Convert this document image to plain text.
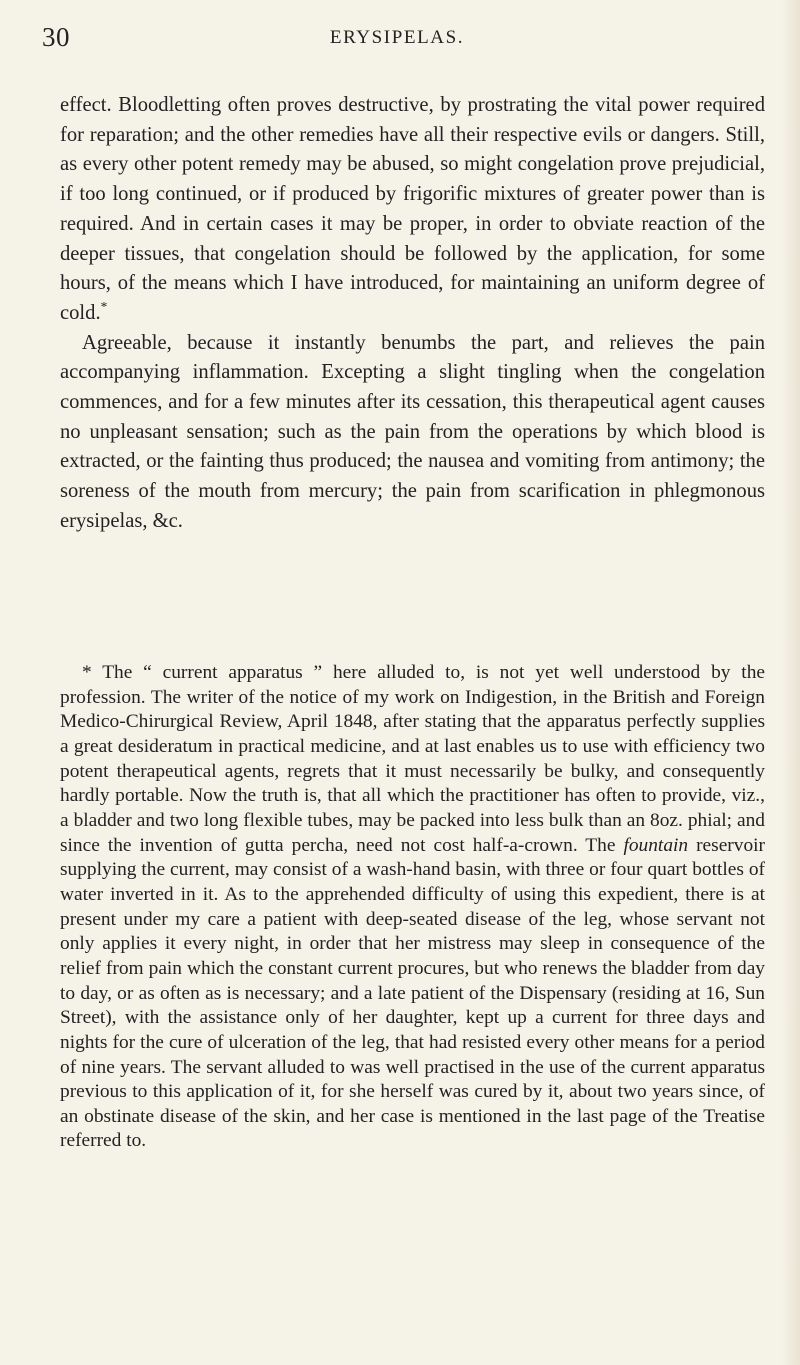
30	ERYSIPELAS.

effect. Bloodletting often proves destructive, by prostrating the vital power required for reparation; and the other remedies have all their respective evils or dangers. Still, as every other potent remedy may be abused, so might congelation prove prejudicial, if too long continued, or if produced by frigorific mixtures of greater power than is required. And in certain cases it may be proper, in order to obviate reaction of the deeper tissues, that congelation should be followed by the application, for some hours, of the means which I have introduced, for maintaining an uniform degree of cold.*

Agreeable, because it instantly benumbs the part, and relieves the pain accompanying inflammation. Excepting a slight tingling when the congelation commences, and for a few minutes after its cessation, this therapeutical agent causes no unpleasant sensation; such as the pain from the operations by which blood is extracted, or the fainting thus produced; the nausea and vomiting from antimony; the soreness of the mouth from mercury; the pain from scarification in phlegmonous erysipelas, &c.

* The “ current apparatus ” here alluded to, is not yet well understood by the profession. The writer of the notice of my work on Indigestion, in the British and Foreign Medico-Chirurgical Review, April 1848, after stating that the apparatus perfectly supplies a great desideratum in practical medicine, and at last enables us to use with efficiency two potent therapeutical agents, regrets that it must necessarily be bulky, and consequently hardly portable. Now the truth is, that all which the practitioner has often to provide, viz., a bladder and two long flexible tubes, may be packed into less bulk than an 8oz. phial; and since the invention of gutta percha, need not cost half-a-crown. The fountain reservoir supplying the current, may consist of a wash-hand basin, with three or four quart bottles of water inverted in it. As to the apprehended difficulty of using this expedient, there is at present under my care a patient with deep-seated disease of the leg, whose servant not only applies it every night, in order that her mistress may sleep in consequence of the relief from pain which the constant current procures, but who renews the bladder from day to day, or as often as is necessary; and a late patient of the Dispensary (residing at 16, Sun Street), with the assistance only of her daughter, kept up a current for three days and nights for the cure of ulceration of the leg, that had resisted every other means for a period of nine years. The servant alluded to was well practised in the use of the current apparatus previous to this application of it, for she herself was cured by it, about two years since, of an obstinate disease of the skin, and her case is mentioned in the last page of the Treatise referred to.
